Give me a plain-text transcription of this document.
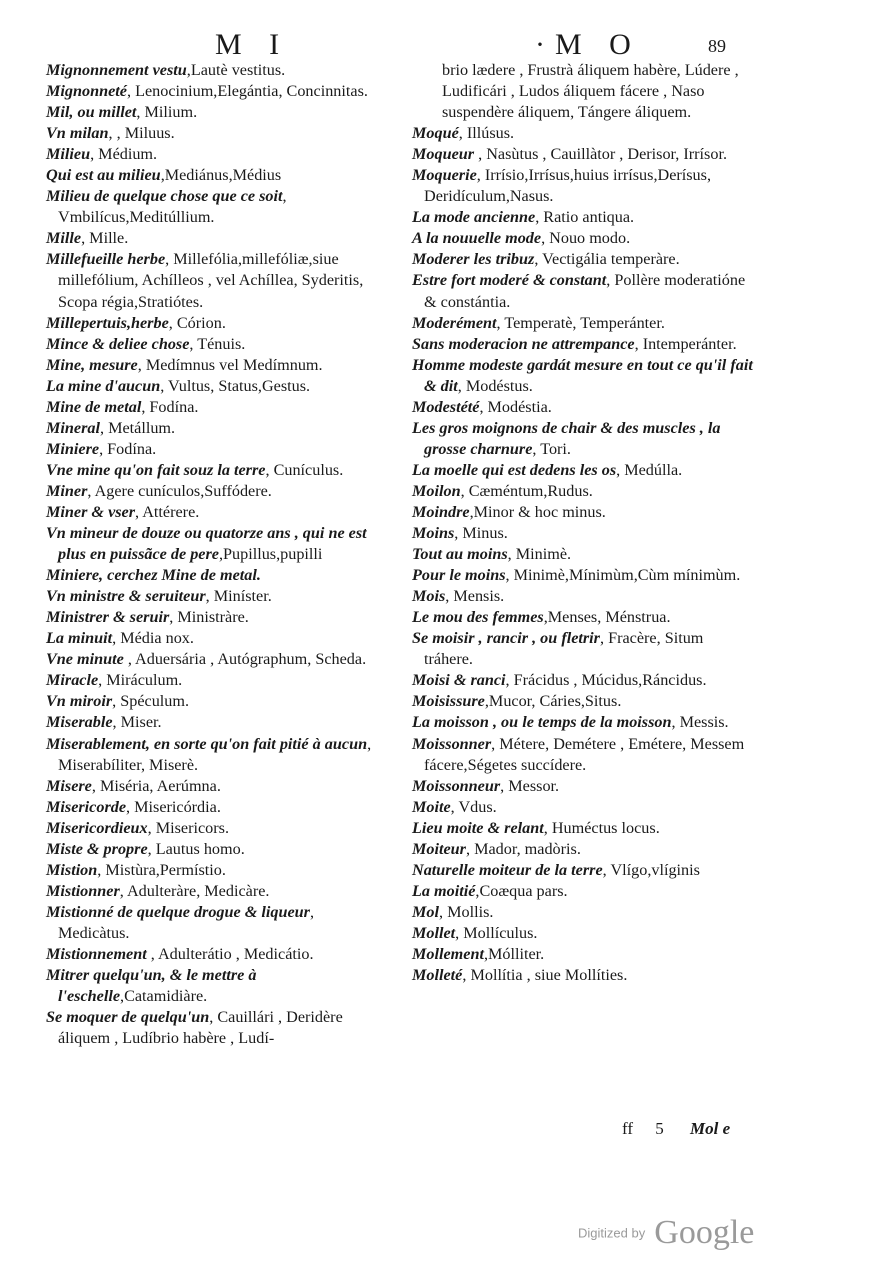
M I	·M O	89
Mignonnement vestu,Lautè vestitus.
Mignonneté, Lenocinium,Elegántia, Concinnitas.
Mil, ou millet, Milium.
Vn milan, , Miluus.
Milieu, Médium.
Qui est au milieu,Mediánus,Médius
Milieu de quelque chose que ce soit, Vmbilícus,Meditúllium.
Mille, Mille.
Millefueille herbe, Millefólia,millefóliæ,siue millefólium, Achílleos , vel Achíllea, Syderitis, Scopa régia,Stratiótes.
Millepertuis,herbe, Córion.
Mince & deliee chose, Ténuis.
Mine, mesure, Medímnus vel Medímnum.
La mine d'aucun, Vultus, Status,Gestus.
Mine de metal, Fodína.
Mineral, Metállum.
Miniere, Fodína.
Vne mine qu'on fait souz la terre, Cunículus.
Miner, Agere cunículos,Suffódere.
Miner & vser, Attérere.
Vn mineur de douze ou quatorze ans , qui ne est plus en puissãce de pere,Pupillus,pupilli
Miniere, cerchez Mine de metal.
Vn ministre & seruiteur, Miníster.
Ministrer & seruir, Ministràre.
La minuit, Média nox.
Vne minute , Aduersária , Autógraphum, Scheda.
Miracle, Miráculum.
Vn miroir, Spéculum.
Miserable, Miser.
Miserablement, en sorte qu'on fait pitié à aucun, Miserabíliter, Miserè.
Misere, Miséria, Aerúmna.
Misericorde, Misericórdia.
Misericordieux, Misericors.
Miste & propre, Lautus homo.
Mistion, Mistùra,Permístio.
Mistionner, Adulteràre, Medicàre.
Mistionné de quelque drogue & liqueur, Medicàtus.
Mistionnement , Adulterátio , Medicátio.
Mitrer quelqu'un, & le mettre à l'eschelle,Catamidiàre.
Se moquer de quelqu'un, Cauillári , Deridère áliquem , Ludíbrio habère , Ludí-
brio lædere , Frustrà áliquem habère, Lúdere , Ludificári , Ludos áliquem fácere , Naso suspendère áliquem, Tángere áliquem.
Moqué, Illúsus.
Moqueur , Nasùtus , Cauillàtor , Derisor, Irrísor.
Moquerie, Irrísio,Irrísus,huius irrísus,Derísus, Deridículum,Nasus.
La mode ancienne, Ratio antiqua.
A la nouuelle mode, Nouo modo.
Moderer les tribuz, Vectigália temperàre.
Estre fort moderé & constant, Pollère moderatióne & constántia.
Moderément, Temperatè, Temperánter.
Sans moderacion ne attrempance, Intemperánter.
Homme modeste gardát mesure en tout ce qu'il fait & dit, Modéstus.
Modestété, Modéstia.
Les gros moignons de chair & des muscles , la grosse charnure, Tori.
La moelle qui est dedens les os, Medúlla.
Moilon, Cæméntum,Rudus.
Moindre,Minor & hoc minus.
Moins, Minus.
Tout au moins, Minimè.
Pour le moins, Minimè,Mínimùm,Cùm mínimùm.
Mois, Mensis.
Le mou des femmes,Menses, Ménstrua.
Se moisir , rancir , ou fletrir, Fracère, Situm tráhere.
Moisi & ranci, Frácidus , Múcidus,Ráncidus.
Moisissure,Mucor, Cáries,Situs.
La moisson , ou le temps de la moisson, Messis.
Moissonner, Métere, Demétere , Emétere, Messem fácere,Ségetes succídere.
Moissonneur, Messor.
Moite, Vdus.
Lieu moite & relant, Huméctus locus.
Moiteur, Mador, madòris.
Naturelle moiteur de la terre, Vlígo,vlíginis
La moitié,Coæqua pars.
Mol, Mollis.
Mollet, Mollículus.
Mollement,Mólliter.
Molleté, Mollítia , siue Mollíties.
ff 5 Mol e
Digitized by Google
